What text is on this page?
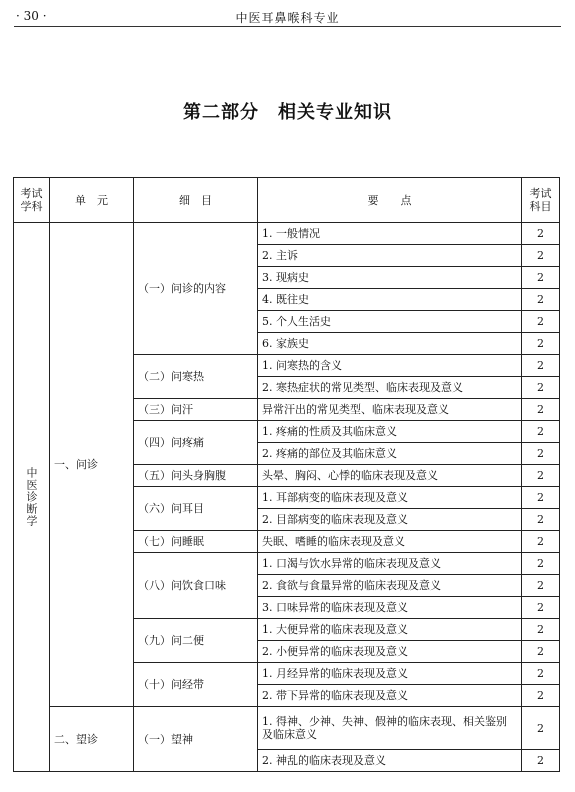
· 30 ·	中医耳鼻喉科专业
第二部分　相关专业知识
考试学科	单　元	细　目	要　　点	考试科目

中医诊断学	一、问诊	（一）问诊的内容	1. 一般情况	2
			2. 主诉	2
			3. 现病史	2
			4. 既往史	2
			5. 个人生活史	2
			6. 家族史	2
		（二）问寒热	1. 问寒热的含义	2
			2. 寒热症状的常见类型、临床表现及意义	2
		（三）问汗	异常汗出的常见类型、临床表现及意义	2
		（四）问疼痛	1. 疼痛的性质及其临床意义	2
			2. 疼痛的部位及其临床意义	2
		（五）问头身胸腹	头晕、胸闷、心悸的临床表现及意义	2
		（六）问耳目	1. 耳部病变的临床表现及意义	2
			2. 目部病变的临床表现及意义	2
		（七）问睡眠	失眠、嗜睡的临床表现及意义	2
		（八）问饮食口味	1. 口渴与饮水异常的临床表现及意义	2
			2. 食欲与食量异常的临床表现及意义	2
			3. 口味异常的临床表现及意义	2
		（九）问二便	1. 大便异常的临床表现及意义	2
			2. 小便异常的临床表现及意义	2
		（十）问经带	1. 月经异常的临床表现及意义	2
			2. 带下异常的临床表现及意义	2
	二、望诊	（一）望神	1. 得神、少神、失神、假神的临床表现、相关鉴别及临床意义	2
			2. 神乱的临床表现及意义	2
